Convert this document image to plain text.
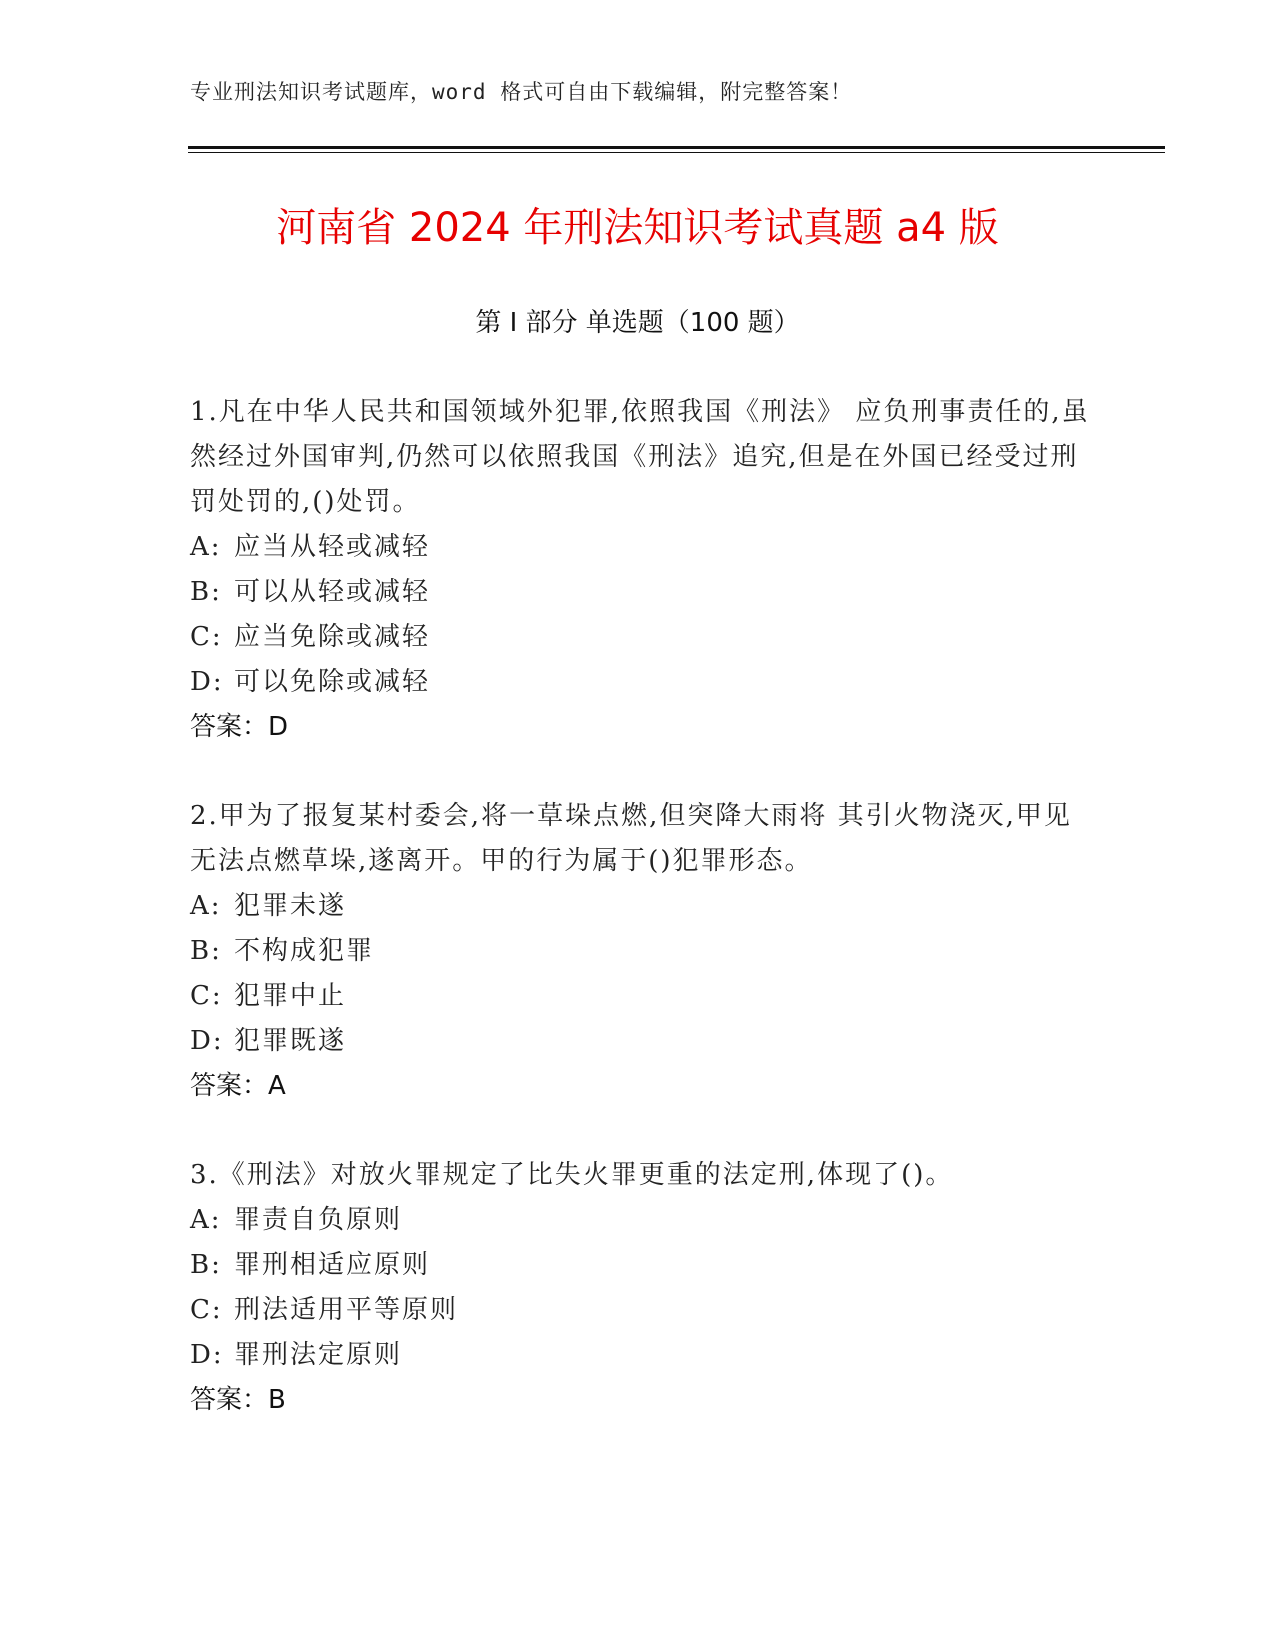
专业刑法知识考试题库，word 格式可自由下载编辑，附完整答案！
河南省 2024 年刑法知识考试真题 a4 版
第 I 部分 单选题（100 题）

1.凡在中华人民共和国领域外犯罪,依照我国《刑法》 应负刑事责任的,虽然经过外国审判,仍然可以依照我国《刑法》追究,但是在外国已经受过刑罚处罚的,()处罚。

A: 应当从轻或减轻

B: 可以从轻或减轻

C: 应当免除或减轻

D: 可以免除或减轻

答案：D

2.甲为了报复某村委会,将一草垛点燃,但突降大雨将 其引火物浇灭,甲见无法点燃草垛,遂离开。甲的行为属于()犯罪形态。

A: 犯罪未遂

B: 不构成犯罪

C: 犯罪中止

D: 犯罪既遂

答案：A

3.《刑法》对放火罪规定了比失火罪更重的法定刑,体现了()。

A: 罪责自负原则

B: 罪刑相适应原则

C: 刑法适用平等原则

D: 罪刑法定原则

答案：B
